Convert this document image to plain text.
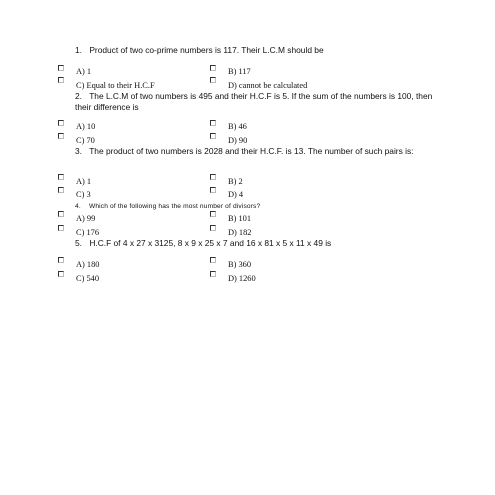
1. Product of two co-prime numbers is 117. Their L.C.M should be
A) 1	B) 117
C) Equal to their H.C.F	D) cannot be calculated
2. The L.C.M of two numbers is 495 and their H.C.F is 5. If the sum of the numbers is 100, then their difference is
A) 10	B) 46
C) 70	D) 90
3. The product of two numbers is 2028 and their H.C.F. is 13. The number of such pairs is:
A) 1	B) 2
C) 3	D) 4
4. Which of the following has the most number of divisors?
A) 99	B) 101
C) 176	D) 182
5. H.C.F of 4 x 27 x 3125, 8 x 9 x 25 x 7 and 16 x 81 x 5 x 11 x 49 is
A) 180	B) 360
C) 540	D) 1260
